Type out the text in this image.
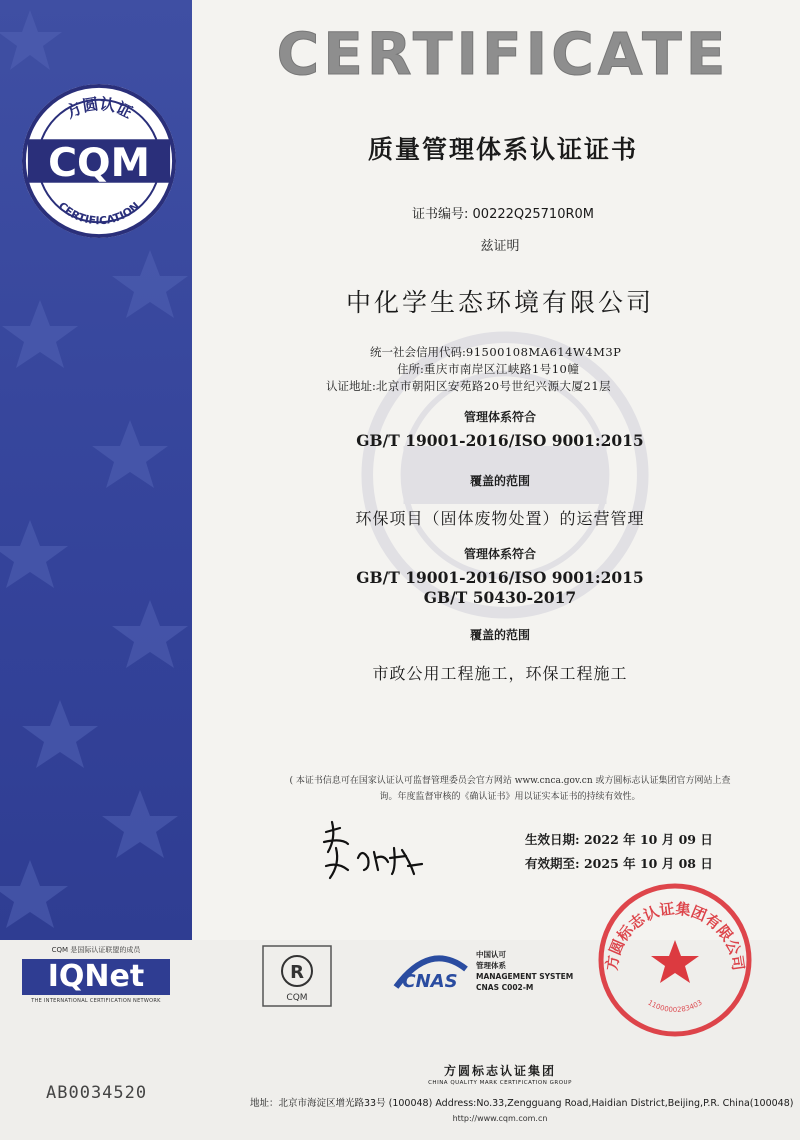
方圆认证
CQM
CERTIFICATION
CERTIFICATE
质量管理体系认证证书
证书编号: 00222Q25710R0M
兹证明
中化学生态环境有限公司
统一社会信用代码: 91500108MA614W4M3P
住所: 重庆市南岸区江峡路1号10幢
认证地址: 北京市朝阳区安苑路20号世纪兴源大厦21层
管理体系符合
GB/T 19001-2016/ISO 9001:2015
覆盖的范围
环保项目（固体废物处置）的运营管理
管理体系符合
GB/T 19001-2016/ISO 9001:2015
GB/T 50430-2017
覆盖的范围
市政公用工程施工，环保工程施工
( 本证书信息可在国家认证认可监督管理委员会官方网站 www.cnca.gov.cn 或方圆标志认证集团官方网站上查
询。年度监督审核的《确认证书》用以证实本证书的持续有效性。
生效日期: 2022 年 10 月 09 日
有效期至: 2025 年 10 月 08 日
方圆标志认证集团有限公司
1100000283403
CQM 是国际认证联盟的成员
IQNet
THE INTERNATIONAL CERTIFICATION NETWORK
R
CQM
CNAS
中国认可
管理体系
MANAGEMENT SYSTEM
CNAS C002-M
方圆标志认证集团
CHINA QUALITY MARK CERTIFICATION GROUP
AB0034520
地址：北京市海淀区增光路33号 (100048) Address:No.33,Zengguang Road,Haidian District,Beijing,P.R. China(100048)
http://www.cqm.com.cn
